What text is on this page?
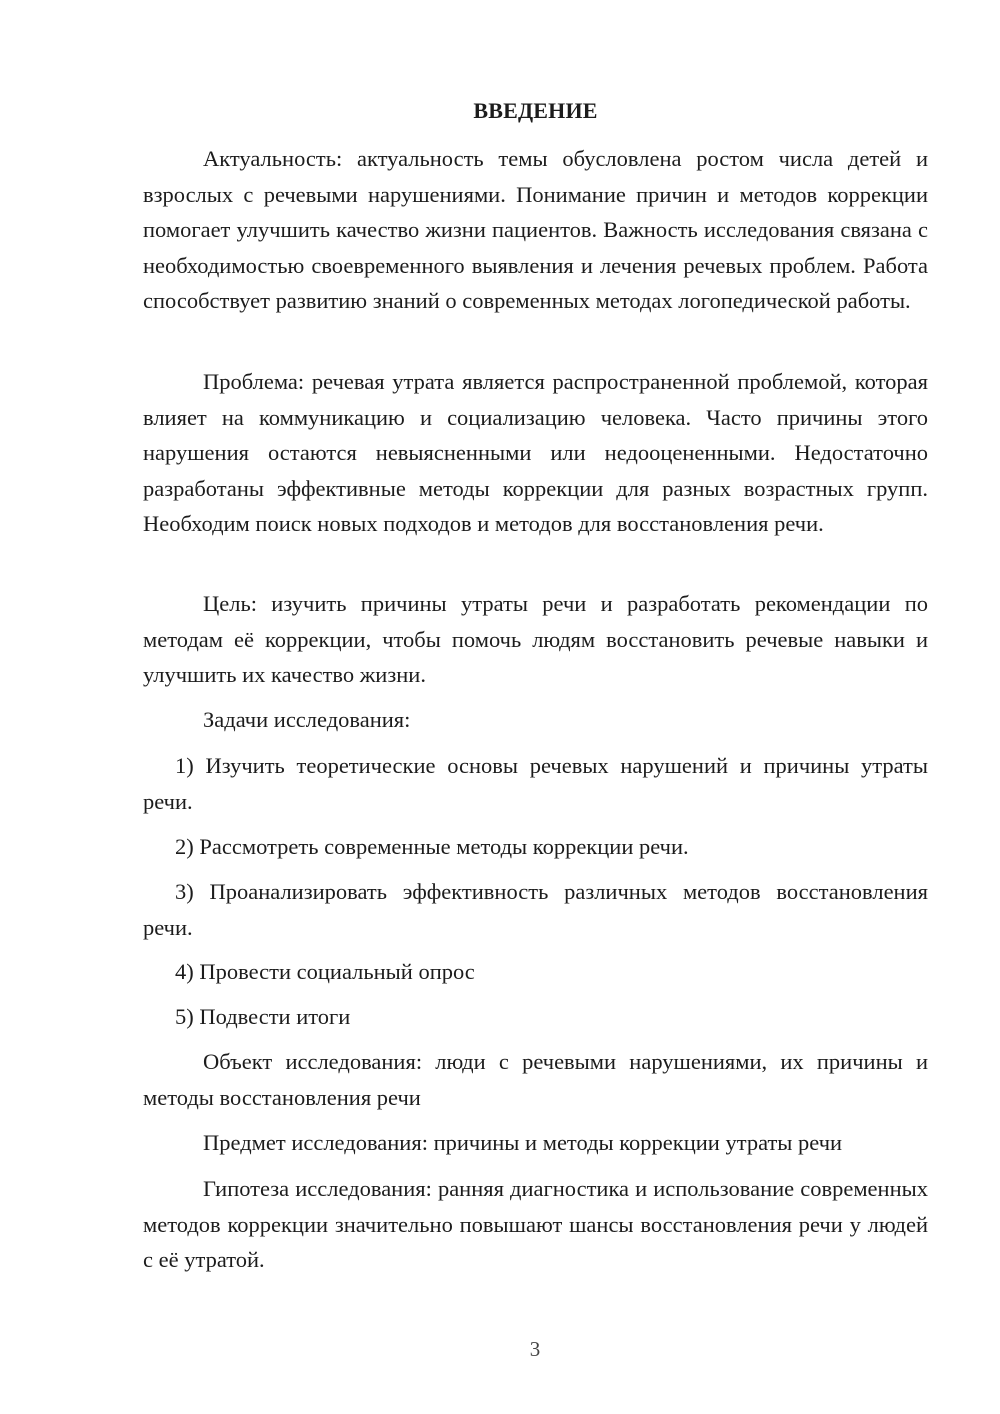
ВВЕДЕНИЕ

Актуальность: актуальность темы обусловлена ростом числа детей и взрослых с речевыми нарушениями. Понимание причин и методов коррекции помогает улучшить качество жизни пациентов. Важность исследования связана с необходимостью своевременного выявления и лечения речевых проблем. Работа способствует развитию знаний о современных методах логопедической работы.

Проблема: речевая утрата является распространенной проблемой, которая влияет на коммуникацию и социализацию человека. Часто причины этого нарушения остаются невыясненными или недооцененными. Недостаточно разработаны эффективные методы коррекции для разных возрастных групп. Необходим поиск новых подходов и методов для восстановления речи.

Цель: изучить причины утраты речи и разработать рекомендации по методам её коррекции, чтобы помочь людям восстановить речевые навыки и улучшить их качество жизни.

Задачи исследования:

1) Изучить теоретические основы речевых нарушений и причины утраты речи.

2) Рассмотреть современные методы коррекции речи.

3) Проанализировать эффективность различных методов восстановления речи.

4) Провести социальный опрос

5) Подвести итоги

Объект исследования: люди с речевыми нарушениями, их причины и методы восстановления речи

Предмет исследования: причины и методы коррекции утраты речи

Гипотеза исследования: ранняя диагностика и использование современных методов коррекции значительно повышают шансы восстановления речи у людей с её утратой.

3
